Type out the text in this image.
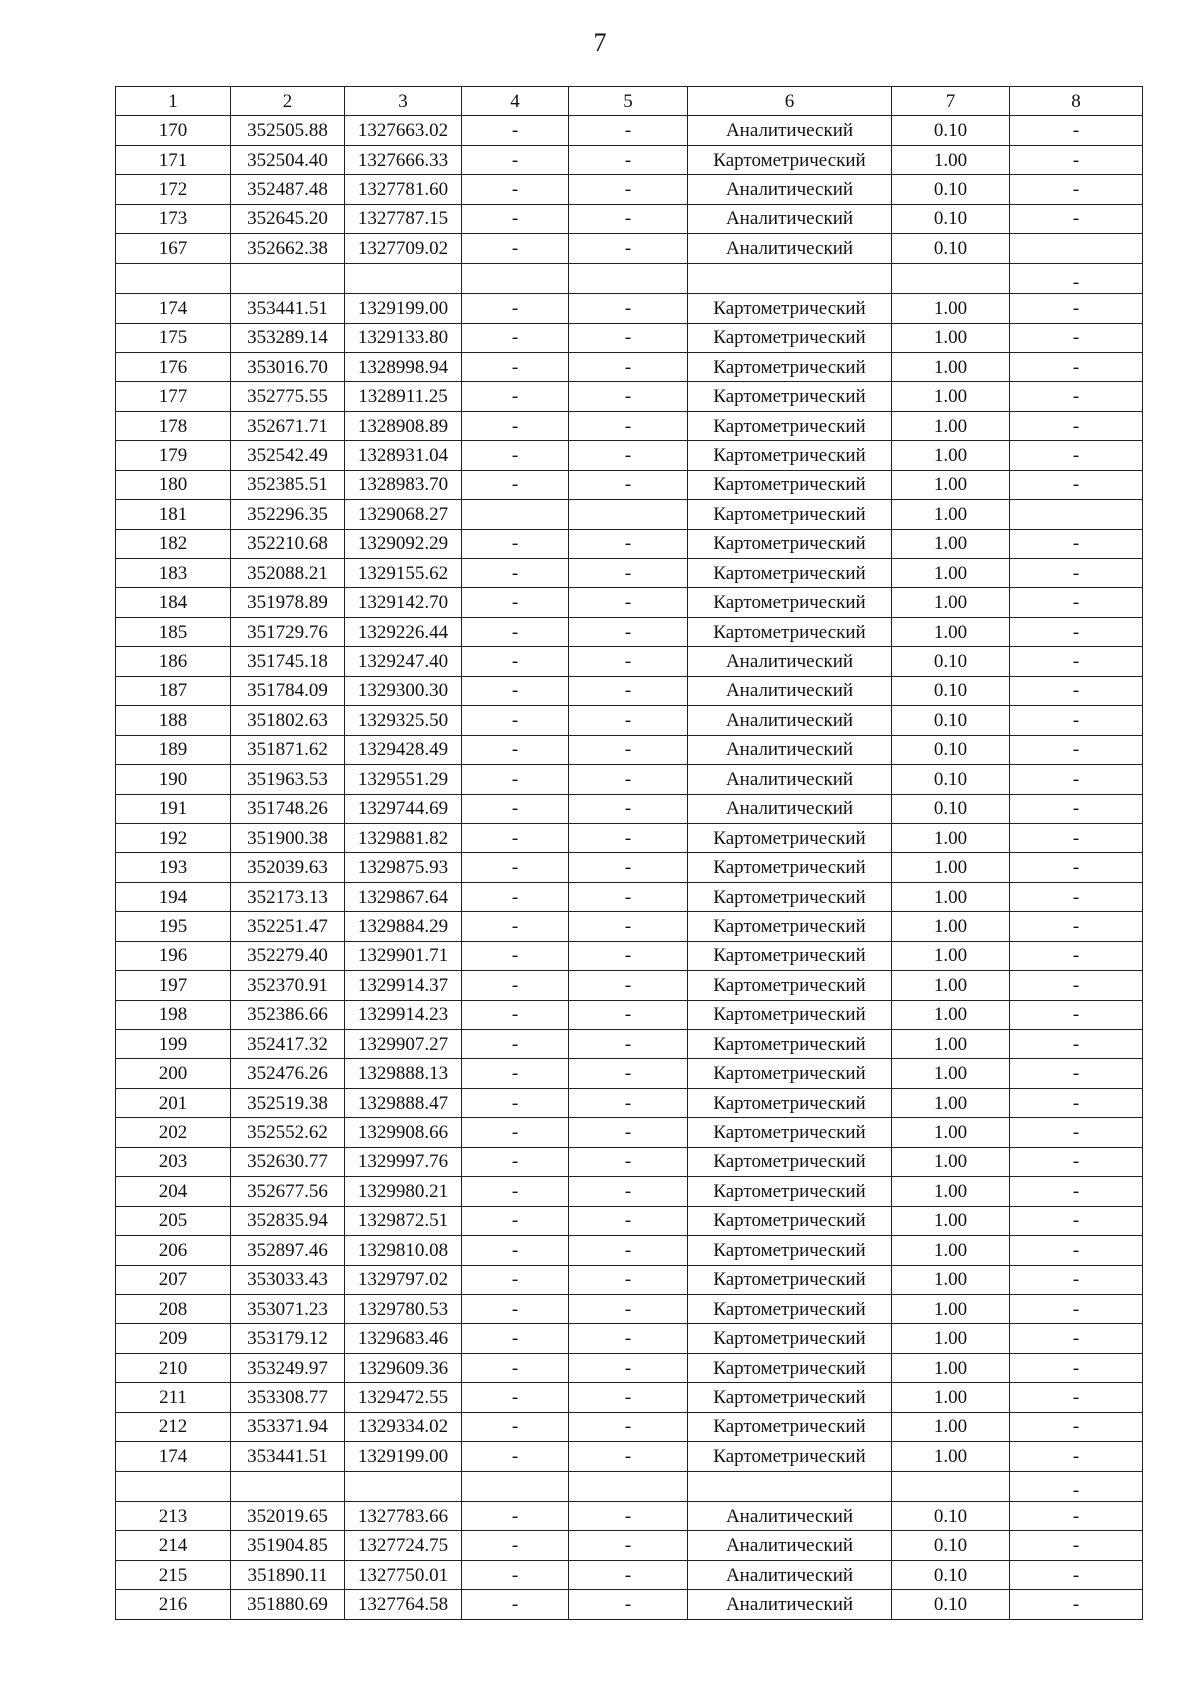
7
1	2	3	4	5	6	7	8
170	352505.88	1327663.02	-	-	Аналитический	0.10	-
171	352504.40	1327666.33	-	-	Картометрический	1.00	-
172	352487.48	1327781.60	-	-	Аналитический	0.10	-
173	352645.20	1327787.15	-	-	Аналитический	0.10	-
167	352662.38	1327709.02	-	-	Аналитический	0.10	
							-
174	353441.51	1329199.00	-	-	Картометрический	1.00	-
175	353289.14	1329133.80	-	-	Картометрический	1.00	-
176	353016.70	1328998.94	-	-	Картометрический	1.00	-
177	352775.55	1328911.25	-	-	Картометрический	1.00	-
178	352671.71	1328908.89	-	-	Картометрический	1.00	-
179	352542.49	1328931.04	-	-	Картометрический	1.00	-
180	352385.51	1328983.70	-	-	Картометрический	1.00	-
181	352296.35	1329068.27			Картометрический	1.00	
182	352210.68	1329092.29	-	-	Картометрический	1.00	-
183	352088.21	1329155.62	-	-	Картометрический	1.00	-
184	351978.89	1329142.70	-	-	Картометрический	1.00	-
185	351729.76	1329226.44	-	-	Картометрический	1.00	-
186	351745.18	1329247.40	-	-	Аналитический	0.10	-
187	351784.09	1329300.30	-	-	Аналитический	0.10	-
188	351802.63	1329325.50	-	-	Аналитический	0.10	-
189	351871.62	1329428.49	-	-	Аналитический	0.10	-
190	351963.53	1329551.29	-	-	Аналитический	0.10	-
191	351748.26	1329744.69	-	-	Аналитический	0.10	-
192	351900.38	1329881.82	-	-	Картометрический	1.00	-
193	352039.63	1329875.93	-	-	Картометрический	1.00	-
194	352173.13	1329867.64	-	-	Картометрический	1.00	-
195	352251.47	1329884.29	-	-	Картометрический	1.00	-
196	352279.40	1329901.71	-	-	Картометрический	1.00	-
197	352370.91	1329914.37	-	-	Картометрический	1.00	-
198	352386.66	1329914.23	-	-	Картометрический	1.00	-
199	352417.32	1329907.27	-	-	Картометрический	1.00	-
200	352476.26	1329888.13	-	-	Картометрический	1.00	-
201	352519.38	1329888.47	-	-	Картометрический	1.00	-
202	352552.62	1329908.66	-	-	Картометрический	1.00	-
203	352630.77	1329997.76	-	-	Картометрический	1.00	-
204	352677.56	1329980.21	-	-	Картометрический	1.00	-
205	352835.94	1329872.51	-	-	Картометрический	1.00	-
206	352897.46	1329810.08	-	-	Картометрический	1.00	-
207	353033.43	1329797.02	-	-	Картометрический	1.00	-
208	353071.23	1329780.53	-	-	Картометрический	1.00	-
209	353179.12	1329683.46	-	-	Картометрический	1.00	-
210	353249.97	1329609.36	-	-	Картометрический	1.00	-
211	353308.77	1329472.55	-	-	Картометрический	1.00	-
212	353371.94	1329334.02	-	-	Картометрический	1.00	-
174	353441.51	1329199.00	-	-	Картометрический	1.00	-
							-
213	352019.65	1327783.66	-	-	Аналитический	0.10	-
214	351904.85	1327724.75	-	-	Аналитический	0.10	-
215	351890.11	1327750.01	-	-	Аналитический	0.10	-
216	351880.69	1327764.58	-	-	Аналитический	0.10	-
